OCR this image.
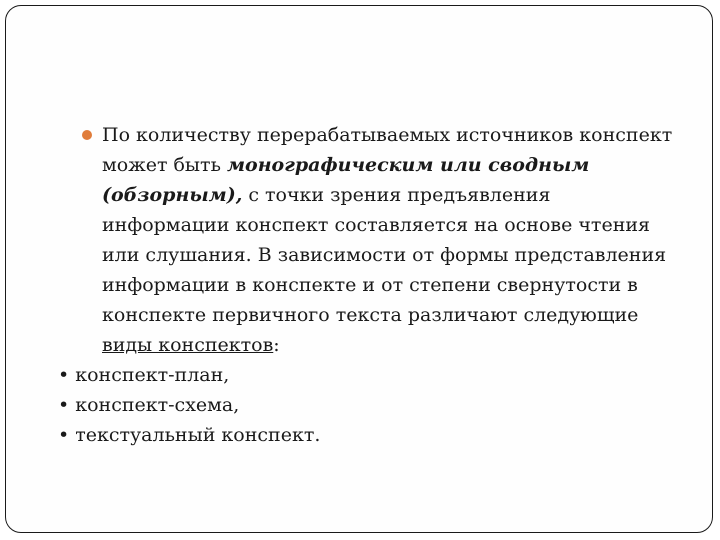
По количеству перерабатываемых источников конспект может быть монографическим или сводным (обзорным), с точки зрения предъявления информации конспект составляется на основе чтения или слушания. В зависимости от формы представления информации в конспекте и от степени свернутости в конспекте первичного текста различают следующие виды конспектов:

• конспект-план,
• конспект-схема,
• текстуальный конспект.
